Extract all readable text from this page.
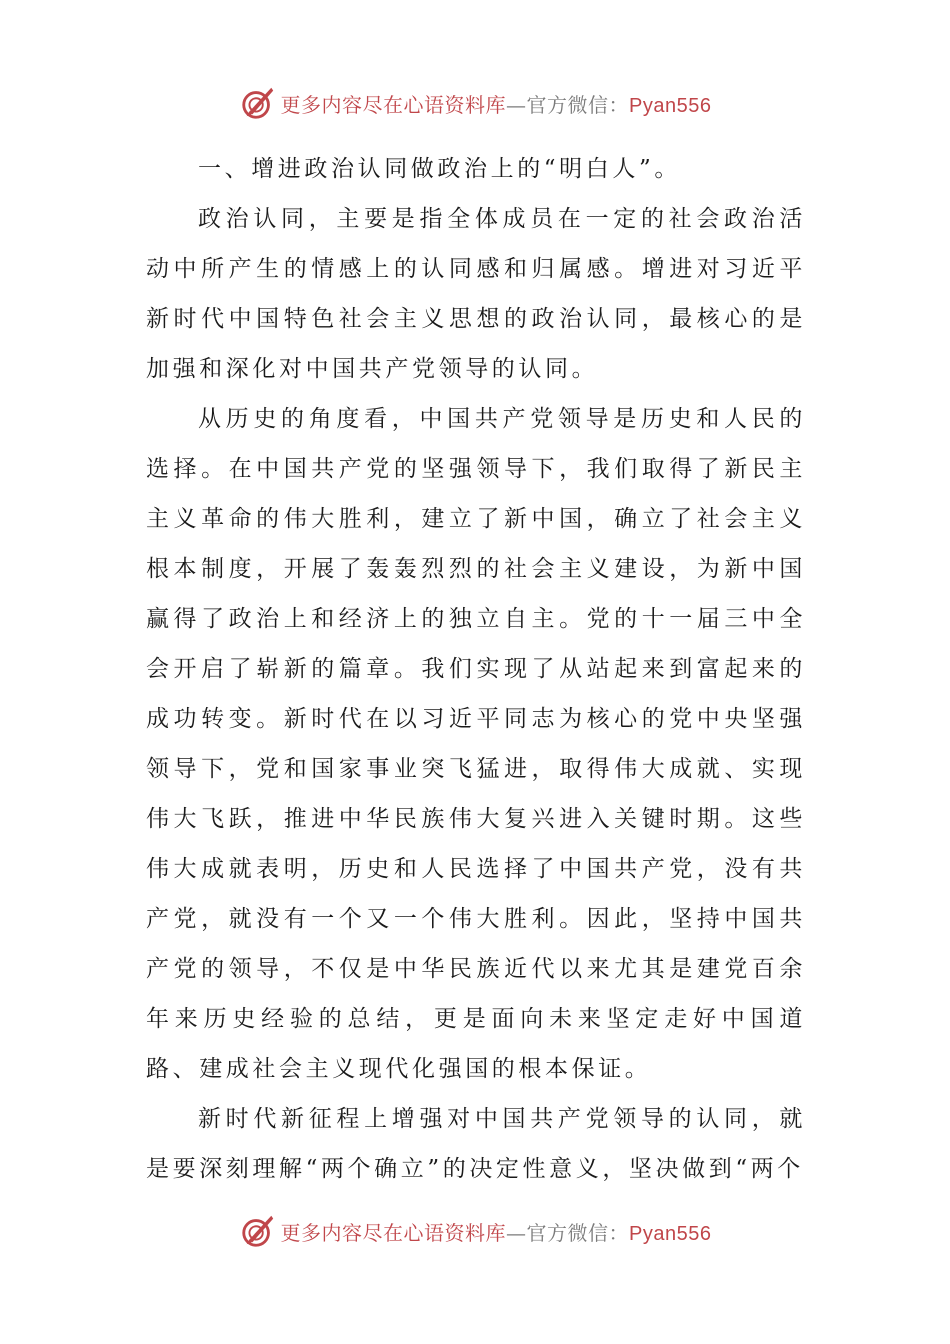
更多内容尽在心语资料库—官方微信：Pyan556

一、增进政治认同做政治上的“明白人”。

政治认同，主要是指全体成员在一定的社会政治活动中所产生的情感上的认同感和归属感。增进对习近平新时代中国特色社会主义思想的政治认同，最核心的是加强和深化对中国共产党领导的认同。

从历史的角度看，中国共产党领导是历史和人民的选择。在中国共产党的坚强领导下，我们取得了新民主主义革命的伟大胜利，建立了新中国，确立了社会主义根本制度，开展了轰轰烈烈的社会主义建设，为新中国赢得了政治上和经济上的独立自主。党的十一届三中全会开启了崭新的篇章。我们实现了从站起来到富起来的成功转变。新时代在以习近平同志为核心的党中央坚强领导下，党和国家事业突飞猛进，取得伟大成就、实现伟大飞跃，推进中华民族伟大复兴进入关键时期。这些伟大成就表明，历史和人民选择了中国共产党，没有共产党，就没有一个又一个伟大胜利。因此，坚持中国共产党的领导，不仅是中华民族近代以来尤其是建党百余年来历史经验的总结，更是面向未来坚定走好中国道路、建成社会主义现代化强国的根本保证。

新时代新征程上增强对中国共产党领导的认同，就是要深刻理解“两个确立”的决定性意义，坚决做到“两个

更多内容尽在心语资料库—官方微信：Pyan556
